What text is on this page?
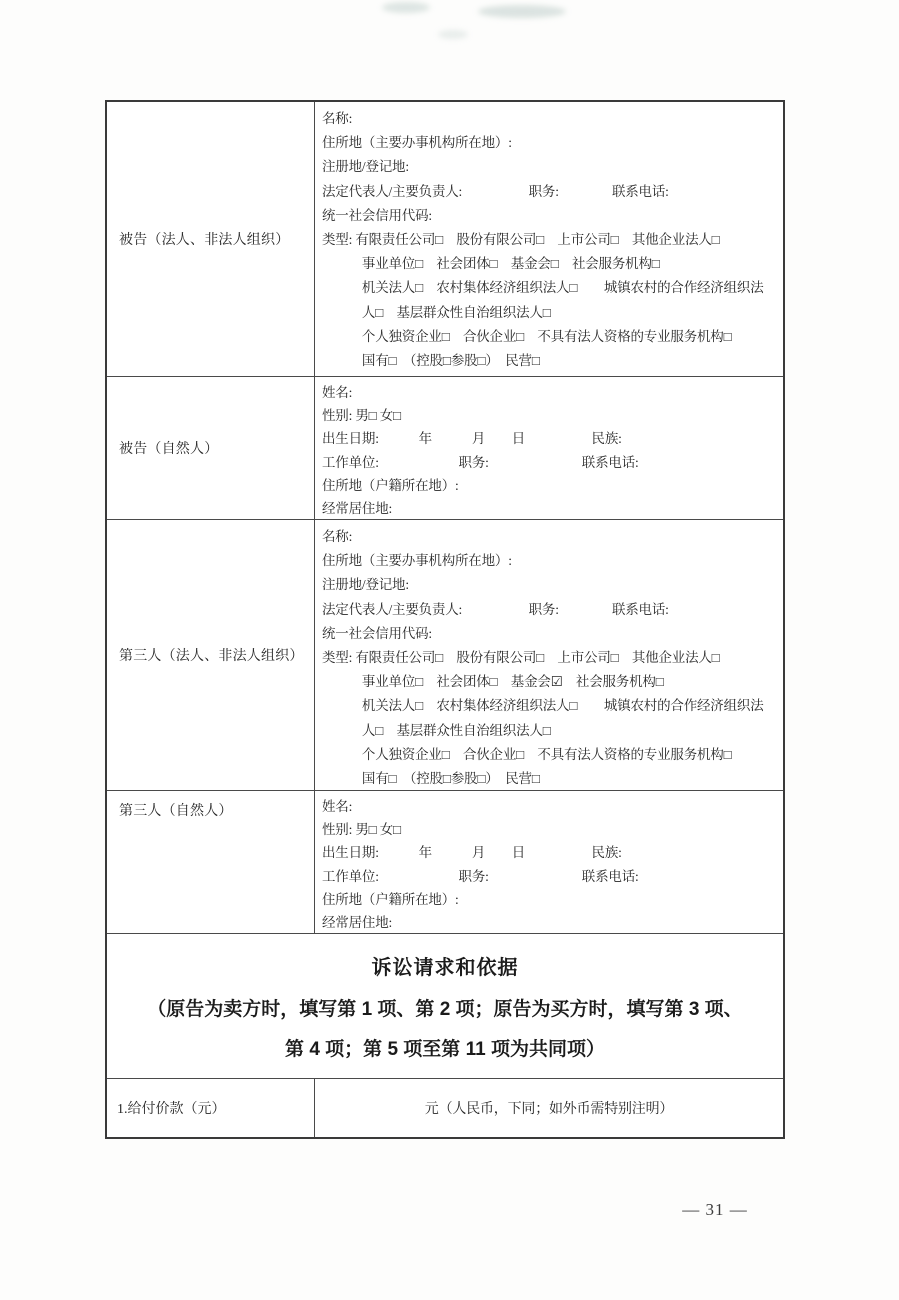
被告（法人、非法人组织）
名称:
住所地（主要办事机构所在地）:
注册地/登记地:
法定代表人/主要负责人:　　　　　职务:　　　　联系电话:
统一社会信用代码:
类型: 有限责任公司□　股份有限公司□　上市公司□　其他企业法人□
　　　事业单位□　社会团体□　基金会□　社会服务机构□
　　　机关法人□　农村集体经济组织法人□　　城镇农村的合作经济组织法
　　　人□　基层群众性自治组织法人□
　　　个人独资企业□　合伙企业□　不具有法人资格的专业服务机构□
　　　国有□　（控股□参股□）　民营□
被告（自然人）
姓名:
性别: 男□ 女□
出生日期:　　　年　　　月　　日　　　　　民族:
工作单位:　　　　　　职务:　　　　　　　联系电话:
住所地（户籍所在地）:
经常居住地:
第三人（法人、非法人组织）
名称:
住所地（主要办事机构所在地）:
注册地/登记地:
法定代表人/主要负责人:　　　　　职务:　　　　联系电话:
统一社会信用代码:
类型: 有限责任公司□　股份有限公司□　上市公司□　其他企业法人□
　　　事业单位□　社会团体□　基金会☑　社会服务机构□
　　　机关法人□　农村集体经济组织法人□　　城镇农村的合作经济组织法
　　　人□　基层群众性自治组织法人□
　　　个人独资企业□　合伙企业□　不具有法人资格的专业服务机构□
　　　国有□　（控股□参股□）　民营□
第三人（自然人）	姓名:
性别: 男□ 女□
出生日期:　　　年　　　月　　日　　　　　民族:
工作单位:　　　　　　职务:　　　　　　　联系电话:
住所地（户籍所在地）:
经常居住地:
诉讼请求和依据
（原告为卖方时，填写第 1 项、第 2 项；原告为买方时，填写第 3 项、
第 4 项；第 5 项至第 11 项为共同项）
1.给付价款（元）	元（人民币，下同；如外币需特别注明）
— 31 —
